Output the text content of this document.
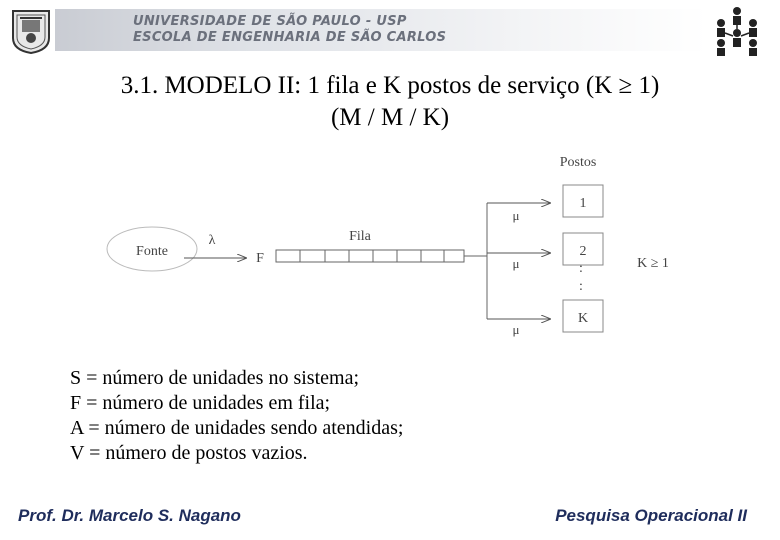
UNIVERSIDADE DE SÃO PAULO - USP
ESCOLA DE ENGENHARIA DE SÃO CARLOS
3.1. MODELO II: 1 fila e K postos de serviço (K ≥ 1)
(M / M / K)
Fonte
λ
F
Fila
μ
μ
μ
Postos
1
2
:
:
K
K ≥ 1
S = número de unidades no sistema;
F = número de unidades em fila;
A = número de unidades sendo atendidas;
V = número de postos vazios.
Prof. Dr. Marcelo S. Nagano	Pesquisa Operacional II
